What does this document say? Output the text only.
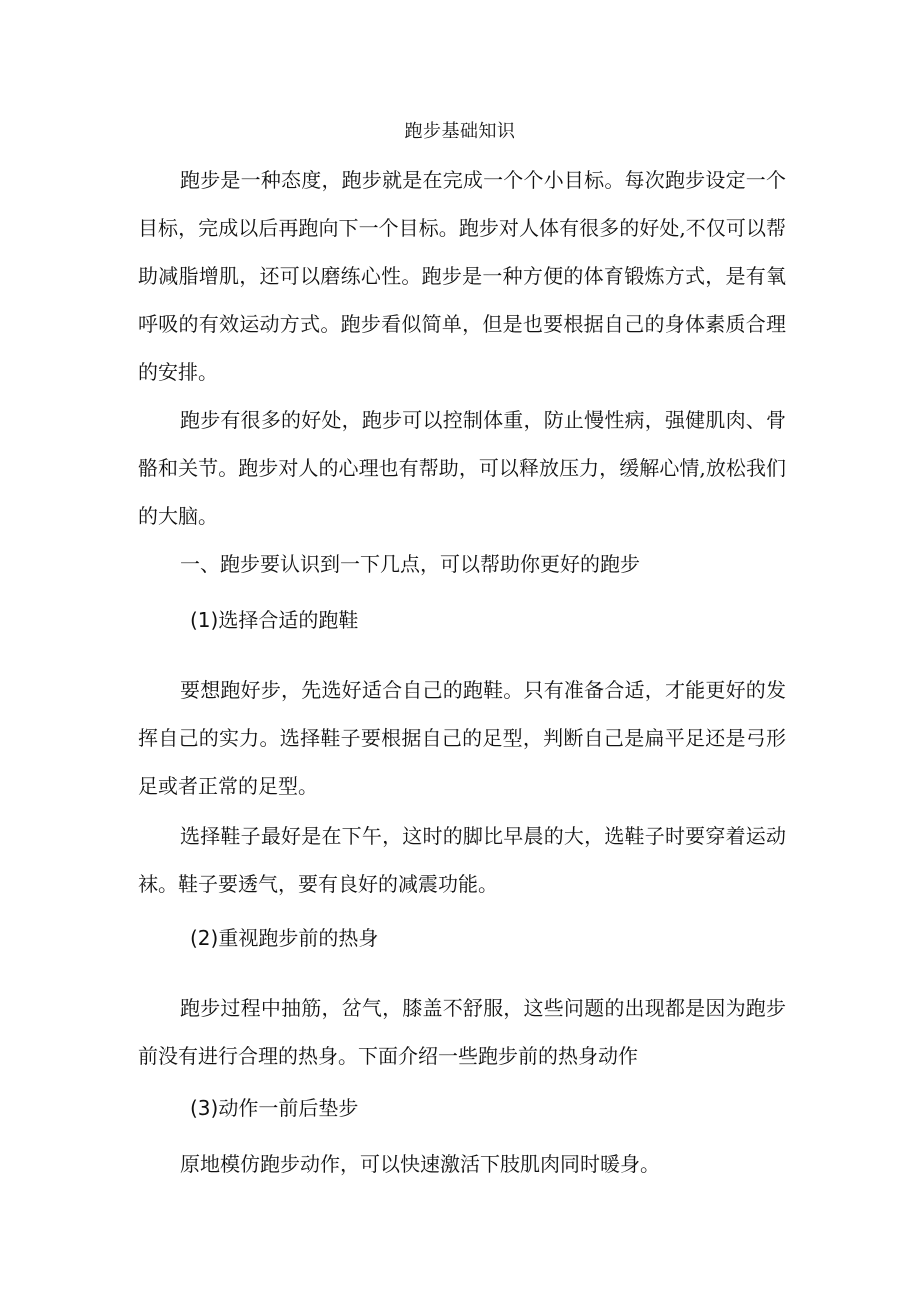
跑步基础知识

跑步是一种态度，跑步就是在完成一个个小目标。每次跑步设定一个目标，完成以后再跑向下一个目标。跑步对人体有很多的好处,不仅可以帮助减脂增肌，还可以磨练心性。跑步是一种方便的体育锻炼方式，是有氧呼吸的有效运动方式。跑步看似简单，但是也要根据自己的身体素质合理的安排。

跑步有很多的好处，跑步可以控制体重，防止慢性病，强健肌肉、骨骼和关节。跑步对人的心理也有帮助，可以释放压力，缓解心情,放松我们的大脑。

一、跑步要认识到一下几点，可以帮助你更好的跑步

(1)选择合适的跑鞋

要想跑好步，先选好适合自己的跑鞋。只有准备合适，才能更好的发挥自己的实力。选择鞋子要根据自己的足型，判断自己是扁平足还是弓形足或者正常的足型。

选择鞋子最好是在下午，这时的脚比早晨的大，选鞋子时要穿着运动袜。鞋子要透气，要有良好的减震功能。

(2)重视跑步前的热身

跑步过程中抽筋，岔气，膝盖不舒服，这些问题的出现都是因为跑步前没有进行合理的热身。下面介绍一些跑步前的热身动作

(3)动作一前后垫步

原地模仿跑步动作，可以快速激活下肢肌肉同时暖身。
